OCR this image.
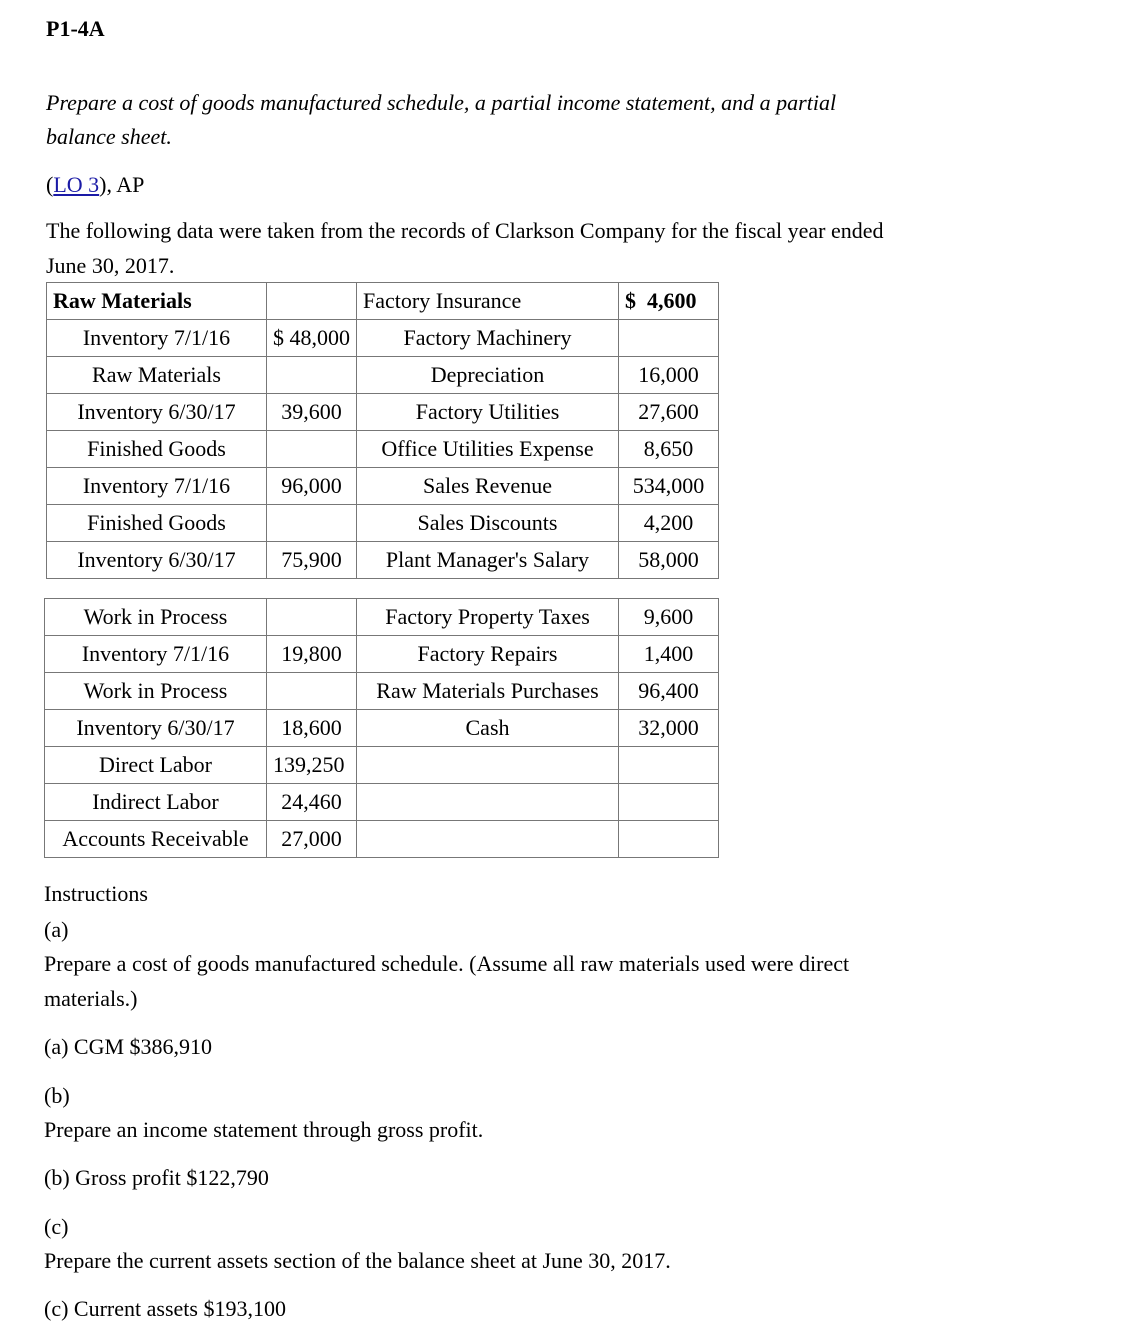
P1-4A
Prepare a cost of goods manufactured schedule, a partial income statement, and a partial
balance sheet.
(LO 3), AP
The following data were taken from the records of Clarkson Company for the fiscal year ended
June 30, 2017.
Raw Materials		Factory Insurance	$  4,600
Inventory 7/1/16	$ 48,000	Factory Machinery	
Raw Materials		Depreciation	16,000
Inventory 6/30/17	39,600	Factory Utilities	27,600
Finished Goods		Office Utilities Expense	8,650
Inventory 7/1/16	96,000	Sales Revenue	534,000
Finished Goods		Sales Discounts	4,200
Inventory 6/30/17	75,900	Plant Manager's Salary	58,000
Work in Process		Factory Property Taxes	9,600
Inventory 7/1/16	19,800	Factory Repairs	1,400
Work in Process		Raw Materials Purchases	96,400
Inventory 6/30/17	18,600	Cash	32,000
Direct Labor	139,250		
Indirect Labor	24,460		
Accounts Receivable	27,000		
Instructions
(a)
Prepare a cost of goods manufactured schedule. (Assume all raw materials used were direct
materials.)
(a) CGM $386,910
(b)
Prepare an income statement through gross profit.
(b) Gross profit $122,790
(c)
Prepare the current assets section of the balance sheet at June 30, 2017.
(c) Current assets $193,100
